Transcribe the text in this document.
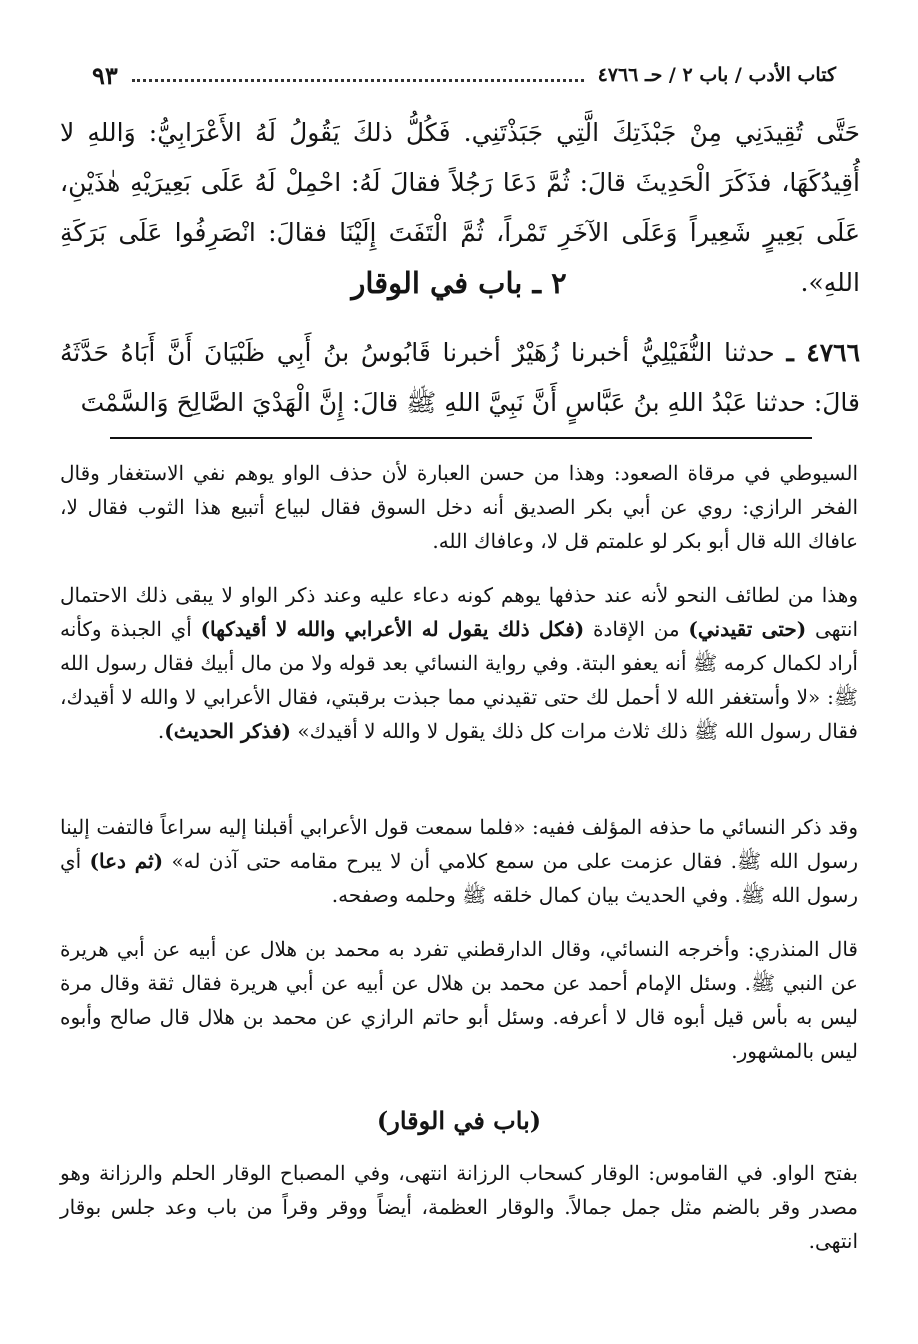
كتاب الأدب / باب ٢ / حـ ٤٧٦٦
٩٣

حَتَّى تُقِيدَنِي مِنْ جَبْذَتِكَ الَّتِي جَبَذْتَنِي. فَكُلُّ ذلكَ يَقُولُ لَهُ الأَعْرَابِيُّ: وَاللهِ لا أُقِيدُكَهَا، فذَكَرَ الْحَدِيثَ قالَ: ثُمَّ دَعَا رَجُلاً فقالَ لَهُ: احْمِلْ لَهُ عَلَى بَعِيرَيْهِ هٰذَيْنِ، عَلَى بَعِيرٍ شَعِيراً وَعَلَى الآخَرِ تَمْراً، ثُمَّ الْتَفَتَ إِلَيْنَا فقالَ: انْصَرِفُوا عَلَى بَرَكَةِ اللهِ».

٢ ـ باب في الوقار

٤٧٦٦ ـ حدثنا النُّفَيْلِيُّ أخبرنا زُهَيْرٌ أخبرنا قَابُوسُ بنُ أَبِي ظَبْيَانَ أَنَّ أَبَاهُ حَدَّثَهُ قالَ: حدثنا عَبْدُ اللهِ بنُ عَبَّاسٍ أَنَّ نَبِيَّ اللهِ ﷺ قالَ: إِنَّ الْهَدْيَ الصَّالِحَ وَالسَّمْتَ

السيوطي في مرقاة الصعود: وهذا من حسن العبارة لأن حذف الواو يوهم نفي الاستغفار وقال الفخر الرازي: روي عن أبي بكر الصديق أنه دخل السوق فقال لبياع أتبيع هذا الثوب فقال لا، عافاك الله قال أبو بكر لو علمتم قل لا، وعافاك الله.

وهذا من لطائف النحو لأنه عند حذفها يوهم كونه دعاء عليه وعند ذكر الواو لا يبقى ذلك الاحتمال انتهى (حتى تقيدني) من الإقادة (فكل ذلك يقول له الأعرابي والله لا أقيدكها) أي الجبذة وكأنه أراد لكمال كرمه ﷺ أنه يعفو البتة. وفي رواية النسائي بعد قوله ولا من مال أبيك فقال رسول الله ﷺ: «لا وأستغفر الله لا أحمل لك حتى تقيدني مما جبذت برقبتي، فقال الأعرابي لا والله لا أقيدك، فقال رسول الله ﷺ ذلك ثلاث مرات كل ذلك يقول لا والله لا أقيدك» (فذكر الحديث).

وقد ذكر النسائي ما حذفه المؤلف ففيه: «فلما سمعت قول الأعرابي أقبلنا إليه سراعاً فالتفت إلينا رسول الله ﷺ. فقال عزمت على من سمع كلامي أن لا يبرح مقامه حتى آذن له» (ثم دعا) أي رسول الله ﷺ. وفي الحديث بيان كمال خلقه ﷺ وحلمه وصفحه.

قال المنذري: وأخرجه النسائي، وقال الدارقطني تفرد به محمد بن هلال عن أبيه عن أبي هريرة عن النبي ﷺ. وسئل الإمام أحمد عن محمد بن هلال عن أبيه عن أبي هريرة فقال ثقة وقال مرة ليس به بأس قيل أبوه قال لا أعرفه. وسئل أبو حاتم الرازي عن محمد بن هلال قال صالح وأبوه ليس بالمشهور.

(باب في الوقار)

بفتح الواو. في القاموس: الوقار كسحاب الرزانة انتهى، وفي المصباح الوقار الحلم والرزانة وهو مصدر وقر بالضم مثل جمل جمالاً. والوقار العظمة، أيضاً ووقر وقراً من باب وعد جلس بوقار انتهى.
